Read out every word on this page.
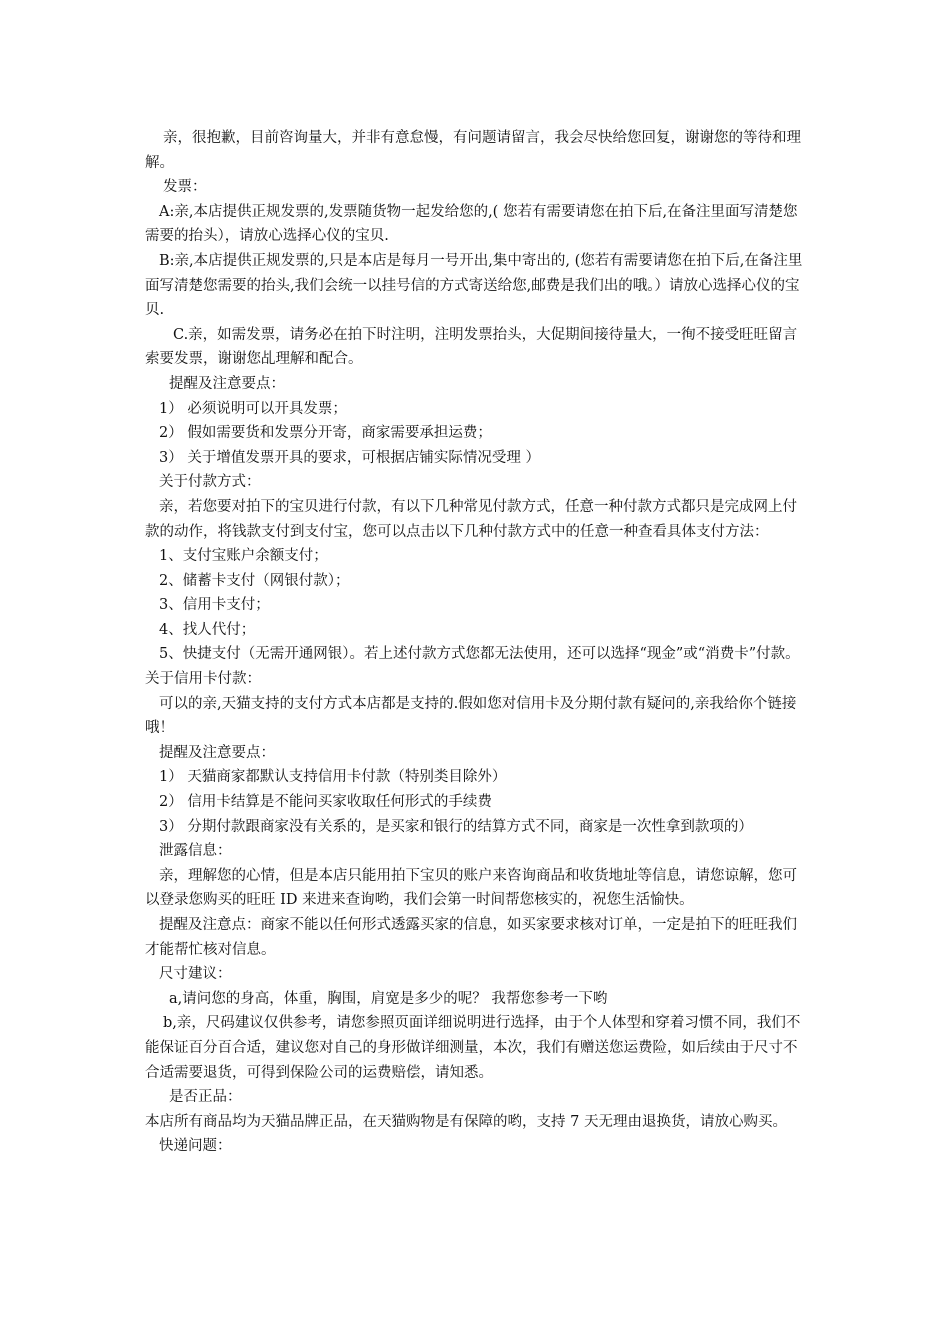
亲，很抱歉，目前咨询量大，并非有意怠慢，有问题请留言，我会尽快给您回复，谢谢您的等待和理解。

发票：

A:亲,本店提供正规发票的,发票随货物一起发给您的,( 您若有需要请您在拍下后,在备注里面写清楚您需要的抬头），请放心选择心仪的宝贝.

B:亲,本店提供正规发票的,只是本店是每月一号开出,集中寄出的, (您若有需要请您在拍下后,在备注里面写清楚您需要的抬头,我们会统一以挂号信的方式寄送给您,邮费是我们出的哦。）请放心选择心仪的宝贝.

C.亲，如需发票，请务必在拍下时注明，注明发票抬头，大促期间接待量大，一徇不接受旺旺留言索要发票，谢谢您乩理解和配合。

提醒及注意要点：

1） 必须说明可以开具发票；

2） 假如需要货和发票分开寄，商家需要承担运费；

3） 关于增值发票开具的要求，可根据店铺实际情况受理 ）

关于付款方式：

亲，若您要对拍下的宝贝进行付款，有以下几种常见付款方式，任意一种付款方式都只是完成网上付款的动作，将钱款支付到支付宝，您可以点击以下几种付款方式中的任意一种查看具体支付方法：

1、支付宝账户余额支付；

2、储蓄卡支付（网银付款）；

3、信用卡支付；

4、找人代付；

5、快捷支付（无需开通网银）。若上述付款方式您都无法使用，还可以选择“现金”或“消费卡”付款。 关于信用卡付款：

可以的亲,天猫支持的支付方式本店都是支持的.假如您对信用卡及分期付款有疑问的,亲我给你个链接哦！

提醒及注意要点：

1） 天猫商家都默认支持信用卡付款（特别类目除外）

2） 信用卡结算是不能问买家收取任何形式的手续费

3） 分期付款跟商家没有关系的，是买家和银行的结算方式不同，商家是一次性拿到款项的）

泄露信息：

亲，理解您的心情，但是本店只能用拍下宝贝的账户来咨询商品和收货地址等信息，请您谅解，您可以登录您购买的旺旺 ID 来进来查询哟，我们会第一时间帮您核实的，祝您生活愉快。

提醒及注意点：商家不能以任何形式透露买家的信息，如买家要求核对订单，一定是拍下的旺旺我们才能帮忙核对信息。

尺寸建议：

a,请问您的身高，体重，胸围，肩宽是多少的呢？ 我帮您参考一下哟

b,亲，尺码建议仅供参考，请您参照页面详细说明进行选择，由于个人体型和穿着习惯不同，我们不能保证百分百合适，建议您对自己的身形做详细测量，本次，我们有赠送您运费险，如后续由于尺寸不合适需要退货，可得到保险公司的运费赔偿，请知悉。

是否正品：

本店所有商品均为天猫品牌正品，在天猫购物是有保障的哟，支持 7 天无理由退换货，请放心购买。

快递问题：
